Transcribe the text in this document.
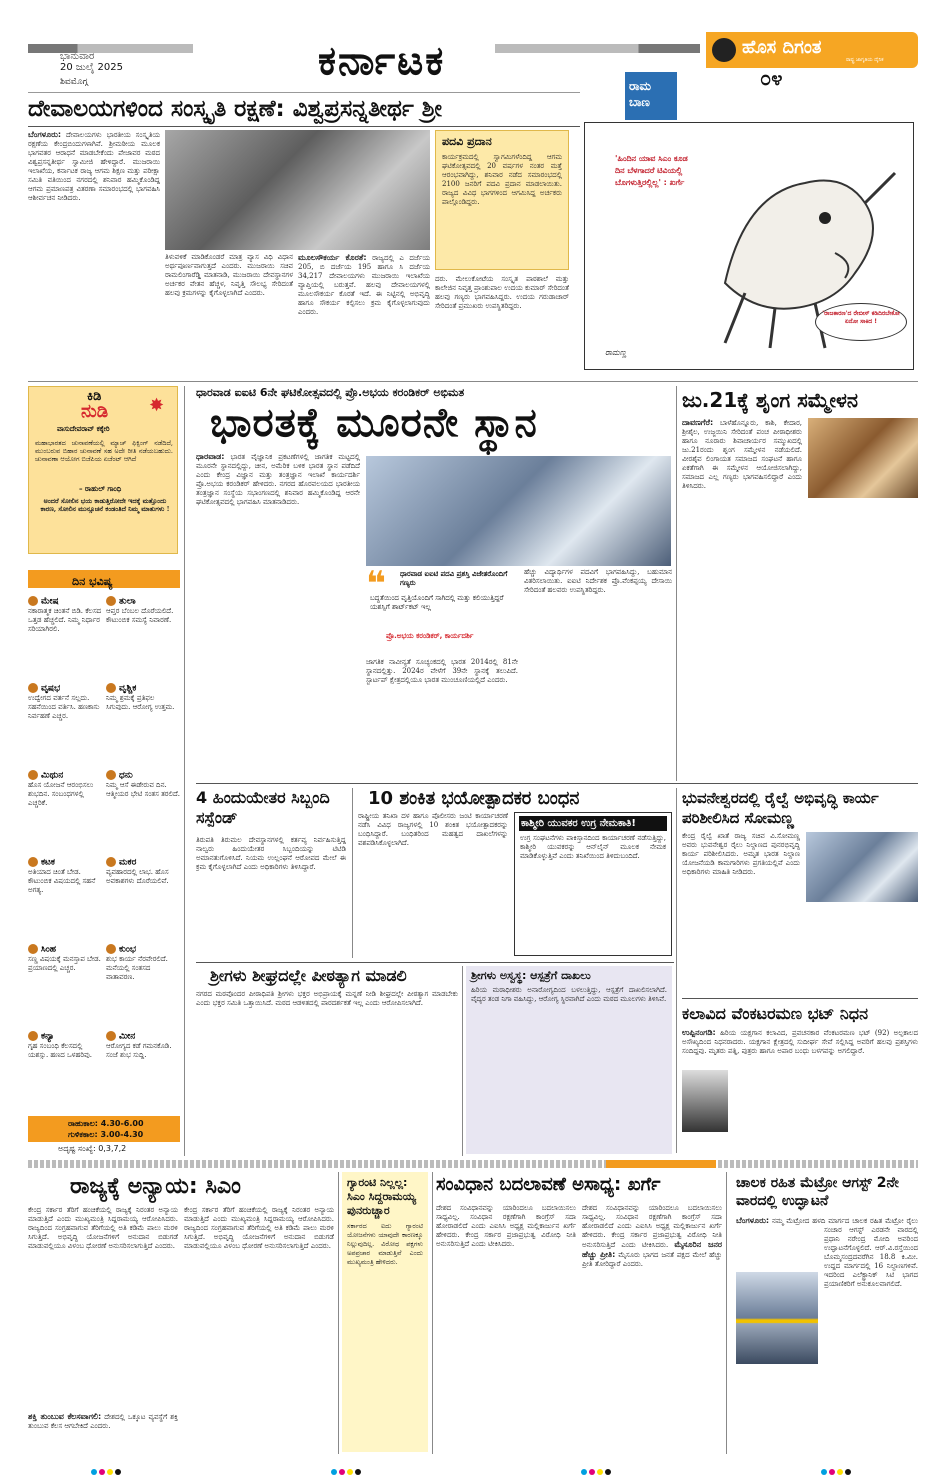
ಭಾನುವಾರ
20 ಜುಲೈ 2025
ಶಿವಮೊಗ್ಗ	ಕರ್ನಾಟಕ	ಹೊಸ ದಿಗಂತ
ರಾಷ್ಟ್ರ ಜಾಗೃತಿಯ ದೈನಿಕ
೦೪
ದೇವಾಲಯಗಳಿಂದ ಸಂಸ್ಕೃತಿ ರಕ್ಷಣೆ: ವಿಶ್ವಪ್ರಸನ್ನತೀರ್ಥ ಶ್ರೀ
ಬೆಂಗಳೂರು: ದೇವಾಲಯಗಳು ಭಾರತೀಯ ಸಂಸ್ಕೃತಿಯ ರಕ್ಷಣೆಯ ಕೇಂದ್ರಬಿಂದುಗಳಾಗಿವೆ. ಶ್ರೀಮಠೀಯ ಮೂಲಕ ಭಾಗವತರ ಆರಾಧನೆ ಮಾಡಬೇಕೆಂದು ಪೇಜಾವರ ಮಠದ ವಿಶ್ವಪ್ರಸನ್ನತೀರ್ಥ ಸ್ವಾಮೀಜಿ ಹೇಳಿದ್ದಾರೆ. ಮುಜರಾಯಿ ಇಲಾಖೆಯ, ಕರ್ನಾಟಕ ರಾಜ್ಯ ಆಗಮ ಶಿಕ್ಷಣ ಮತ್ತು ಪರೀಕ್ಷಾ ಸಮಿತಿ ವತಿಯಿಂದ ನಗರದಲ್ಲಿ ಶನಿವಾರ ಹಮ್ಮಿಕೊಂಡಿದ್ದ ಆಗಮ ಪ್ರಮಾಣಪತ್ರ ವಿತರಣಾ ಸಮಾರಂಭದಲ್ಲಿ ಭಾಗವಹಿಸಿ ಆಶೀರ್ವಚನ ನೀಡಿದರು.
ತಿಳುವಳಿಕೆ ಮಾಡಿಕೊಂಡರೆ ಮಾತ್ರ ವ್ಯಾಸ ವಿಧಿ ವಿಧಾನ ಅರ್ಥಪೂರ್ಣವಾಗುತ್ತದೆ ಎಂದರು. ಮುಜರಾಯಿ ಸಚಿವ ರಾಮಲಿಂಗಾರೆಡ್ಡಿ ಮಾತನಾಡಿ, ಮುಜರಾಯಿ ದೇವಸ್ಥಾನಗಳ ಅರ್ಚಕರ ವೇತನ ಹೆಚ್ಚಳ, ನಿವೃತ್ತಿ ಸೌಲಭ್ಯ ಸೇರಿದಂತೆ ಹಲವು ಕ್ರಮಗಳನ್ನು ಕೈಗೊಳ್ಳಲಾಗಿದೆ ಎಂದರು.
ಮೂಲಸೌಕರ್ಯ ಕೊರತೆ: ರಾಜ್ಯದಲ್ಲಿ ಎ ದರ್ಜೆಯ 205, ಬಿ ದರ್ಜೆಯ 195 ಹಾಗೂ ಸಿ ದರ್ಜೆಯ 34,217 ದೇವಾಲಯಗಳು ಮುಜರಾಯಿ ಇಲಾಖೆಯ ವ್ಯಾಪ್ತಿಯಲ್ಲಿ ಬರುತ್ತವೆ. ಹಲವು ದೇವಾಲಯಗಳಲ್ಲಿ ಮೂಲಸೌಕರ್ಯ ಕೊರತೆ ಇದೆ. ಈ ನಿಟ್ಟಿನಲ್ಲಿ ಅಭಿವೃದ್ಧಿ ಹಾಗೂ ಸೌಕರ್ಯ ಕಲ್ಪಿಸಲು ಕ್ರಮ ಕೈಗೊಳ್ಳಲಾಗುವುದು ಎಂದರು.
ಪದವಿ ಪ್ರದಾನ
ಕಾರ್ಯಕ್ರಮದಲ್ಲಿ ಸ್ವಾಗಮಿಗಳೆಂದಿದ್ದ ಆಗಮ ಘಟಿಕೋತ್ಸವದಲ್ಲಿ 20 ವರ್ಷಗಳ ನಂತರ ಮತ್ತೆ ಆರಂಭವಾಗಿದ್ದು, ಶನಿವಾರ ನಡೆದ ಸಮಾರಂಭದಲ್ಲಿ 2100 ಜನರಿಗೆ ಪದವಿ ಪ್ರದಾನ ಮಾಡಲಾಯಿತು. ರಾಜ್ಯದ ವಿವಿಧ ಭಾಗಗಳಿಂದ ಆಗಮಿಸಿದ್ದ ಅರ್ಚಕರು ಪಾಲ್ಗೊಂಡಿದ್ದರು.
ದರು. ಮೇಲುಕೋಟೆಯ ಸಂಸ್ಕೃತ ಪಾಠಶಾಲೆ ಮತ್ತು ಕಾಲೇಜಿನ ನಿವೃತ್ತ ಪ್ರಾಂಶುಪಾಲ ಉದಯ ಕುಮಾರ್ ಸೇರಿದಂತೆ ಹಲವು ಗಣ್ಯರು ಭಾಗವಹಿಸಿದ್ದರು. ಉದಯ ಗರುಡಾಚಾರ್ ಸೇರಿದಂತೆ ಪ್ರಮುಖರು ಉಪಸ್ಥಿತರಿದ್ದರು.
ರಾಮ ಬಾಣ
'ಹಿಂದಿನ ಯಾವ ಸಿಎಂ ಕೂಡ ದಿನ ಬೆಳಗಾದರೆ ಟಿವಿಯಲ್ಲಿ ಬೊಗಳುತ್ತಿರಲ್ಲಿಲ್ಲ' : ಖರ್ಗೆ
'ರಾಜಕಾರಣ'ದ ರೇಬೀಸ್ ಕಡಿದಿರಬೇಕೋ ಏನೋ ಸಾಕಿದ !
ರಾಮಣ್ಣ
ಕಿಡಿ
ನುಡಿ ✸
ವಾಸುದೇವರಾವ್ ಕಕ್ಕೇರಿ
ಮಹಾಭಾರತದ ಚುನಾವಣೆಯಲ್ಲಿ ಮ್ಯಾಚ್ ಫಿಕ್ಸಿಂಗ್ ನಡೆದಿದೆ, ಮುಂಬರುವ ಬಿಹಾರ ಚುನಾವಣೆ ಸಹ ಅದೇ ರೀತಿ ನಡೆಯಬಹುದು. ಚುನಾವಣಾ ಆಯೋಗ ಬಿಜೆಪಿಯ ಏಜೆಂಟ್ ಆಗಿದೆ
– ರಾಹುಲ್ ಗಾಂಧಿ
ಅಂದರೆ ಸೋಲಿನ ಭಯ ಕಾಡುತ್ತಿರೋದೇ ಇದಕ್ಕೆ ಮತ್ತೊಂದು ಕಾರಣ, ಸೋಲಿನ ಮುನ್ಸೂಚನೆ ಕಂಡಂತಿದೆ ನಿಮ್ಮ ಮಾತುಗಳು !
ದಿನ ಭವಿಷ್ಯ
ಮೇಷ
ನಕಾರಾತ್ಮಕ ಚಿಂತನೆ ಬಿಡಿ. ಕೆಲಸದ ಒತ್ತಡ ಹೆಚ್ಚಲಿದೆ. ನಿಮ್ಮ ನಿರ್ಧಾರ ಸರಿಯಾಗಿರಲಿ.
ತುಲಾ
ಆಪ್ತರ ಬೆಂಬಲ ದೊರೆಯಲಿದೆ. ಕೌಟುಂಬಿಕ ಸಮಸ್ಯೆ ನಿವಾರಣೆ.
ವೃಷಭ
ಉದ್ವೇಗದ ವರ್ತನೆ ಸಲ್ಲದು. ಸಹನೆಯಿಂದ ವರ್ತಿಸಿ. ಹಣಕಾಸು ನಿರ್ವಹಣೆ ಎಚ್ಚರ.
ವೃಶ್ಚಿಕ
ನಿಮ್ಮ ಶ್ರಮಕ್ಕೆ ಪ್ರತಿಫಲ ಸಿಗುವುದು. ಆರೋಗ್ಯ ಉತ್ತಮ.
ಮಿಥುನ
ಹೊಸ ಯೋಜನೆ ಆರಂಭಿಸಲು ಶುಭದಿನ. ಸಂಬಂಧಗಳಲ್ಲಿ ಎಚ್ಚರಿಕೆ.
ಧನು
ನಿಮ್ಮ ಆಸೆ ಈಡೇರುವ ದಿನ. ಆತ್ಮೀಯರ ಭೇಟಿ ಸಂತಸ ತರಲಿದೆ.
ಕಟಕ
ಅತಿಯಾದ ಚಿಂತೆ ಬೇಡ. ಕೌಟುಂಬಿಕ ವಿಷಯದಲ್ಲಿ ಸಹನೆ ಅಗತ್ಯ.
ಮಕರ
ವ್ಯವಹಾರದಲ್ಲಿ ಲಾಭ. ಹೊಸ ಅವಕಾಶಗಳು ದೊರೆಯಲಿವೆ.
ಸಿಂಹ
ಸಣ್ಣ ವಿಷಯಕ್ಕೆ ಮನಸ್ತಾಪ ಬೇಡ. ಪ್ರಯಾಣದಲ್ಲಿ ಎಚ್ಚರ.
ಕುಂಭ
ಶುಭ ಕಾರ್ಯ ನೆರವೇರಲಿದೆ. ಮನೆಯಲ್ಲಿ ಸಂತಸದ ವಾತಾವರಣ.
ಕನ್ಯಾ
ಗೃಹ ಸಂಬಂಧಿ ಕೆಲಸದಲ್ಲಿ ಯಶಸ್ಸು. ಹಣದ ಒಳಹರಿವು.
ಮೀನ
ಆರೋಗ್ಯದ ಕಡೆ ಗಮನಕೊಡಿ. ಸಂಜೆ ಶುಭ ಸುದ್ದಿ.
ರಾಹುಕಾಲ: 4.30-6.00
ಗುಳಿಕಕಾಲ: 3.00-4.30
ಅದೃಷ್ಟ ಸಂಖ್ಯೆ: 0,3,7,2
ಧಾರವಾಡ ಐಐಟಿ 6ನೇ ಘಟಿಕೋತ್ಸವದಲ್ಲಿ ಪ್ರೊ.ಅಭಯ ಕರಂಡಿಕರ್ ಅಭಿಮತ
ಭಾರತಕ್ಕೆ ಮೂರನೇ ಸ್ಥಾನ
ಧಾರವಾಡ: ಭಾರತ ವೈಜ್ಞಾನಿಕ ಪ್ರಕಟಣೆಗಳಲ್ಲಿ ಜಾಗತಿಕ ಮಟ್ಟದಲ್ಲಿ ಮೂರನೇ ಸ್ಥಾನದಲ್ಲಿದ್ದು, ಚೀನ, ಅಮೆರಿಕ ಬಳಿಕ ಭಾರತ ಸ್ಥಾನ ಪಡೆದಿದೆ ಎಂದು ಕೇಂದ್ರ ವಿಜ್ಞಾನ ಮತ್ತು ತಂತ್ರಜ್ಞಾನ ಇಲಾಖೆ ಕಾರ್ಯದರ್ಶಿ ಪ್ರೊ.ಅಭಯ ಕರಂಡಿಕರ್ ಹೇಳಿದರು. ನಗರದ ಹೊರವಲಯದ ಭಾರತೀಯ ತಂತ್ರಜ್ಞಾನ ಸಂಸ್ಥೆಯ ಸಭಾಂಗಣದಲ್ಲಿ ಶನಿವಾರ ಹಮ್ಮಿಕೊಂಡಿದ್ದ ಆರನೇ ಘಟಿಕೋತ್ಸವದಲ್ಲಿ ಭಾಗವಹಿಸಿ ಮಾತನಾಡಿದರು.
❝ ಧಾರವಾಡ ಐಐಟಿ ಪದವಿ ಪ್ರಶಸ್ತಿ ವಿಜೇತರೊಂದಿಗೆ ಗಣ್ಯರು
ಬದ್ಧತೆಯಿಂದ ವೃತ್ತಿಯೊಂದಿಗೆ ಸಾಗಿದಲ್ಲಿ ಮತ್ತು ಕಲಿಯುತ್ತಿದ್ದರೆ ಯಶಸ್ಸಿಗೆ ಶಾರ್ಟ್‌ಕಟ್ ಇಲ್ಲ
ಪ್ರೊ.ಅಭಯ ಕರಂಡಿಕರ್, ಕಾರ್ಯದರ್ಶಿ
ಜಾಗತಿಕ ನಾವೀನ್ಯತೆ ಸೂಚ್ಯಂಕದಲ್ಲಿ ಭಾರತ 2014ರಲ್ಲಿ 81ನೇ ಸ್ಥಾನದಲ್ಲಿತ್ತು. 2024ರ ವೇಳೆಗೆ 39ನೇ ಸ್ಥಾನಕ್ಕೆ ತಲುಪಿದೆ. ಸ್ಟಾರ್ಟಪ್ ಕ್ಷೇತ್ರದಲ್ಲಿಯೂ ಭಾರತ ಮುಂಚೂಣಿಯಲ್ಲಿದೆ ಎಂದರು.
ಹೆಚ್ಚು ವಿದ್ಯಾರ್ಥಿಗಳ ಪದವಿಗೆ ಭಾಗವಹಿಸಿದ್ದು, ಬಹುಮಾನ ವಿತರಿಸಲಾಯಿತು. ಐಐಟಿ ನಿರ್ದೇಶಕ ಪ್ರೊ.ವೆಂಕಪ್ಪಯ್ಯ ದೇಸಾಯಿ ಸೇರಿದಂತೆ ಹಲವರು ಉಪಸ್ಥಿತರಿದ್ದರು.
ಜು.21ಕ್ಕೆ ಶೃಂಗ ಸಮ್ಮೇಳನ
ದಾವಣಗೆರೆ: ಬಾಳೆಹೊನ್ನೂರು, ಕಾಶಿ, ಕೇದಾರ, ಶ್ರೀಶೈಲ, ಉಜ್ಜಯಿನಿ ಸೇರಿದಂತೆ ಪಂಚ ಪೀಠಾಧೀಶರು ಹಾಗೂ ನೂರಾರು ಶಿವಾಚಾರ್ಯರ ಸಮ್ಮುಖದಲ್ಲಿ ಜು.21ರಂದು ಶೃಂಗ ಸಮ್ಮೇಳನ ನಡೆಯಲಿದೆ. ವೀರಶೈವ ಲಿಂಗಾಯತ ಸಮಾಜದ ಸಂಘಟನೆ ಹಾಗೂ ಏಕತೆಗಾಗಿ ಈ ಸಮ್ಮೇಳನ ಆಯೋಜಿಸಲಾಗಿದ್ದು, ಸಮಾಜದ ಎಲ್ಲ ಗಣ್ಯರು ಭಾಗವಹಿಸಲಿದ್ದಾರೆ ಎಂದು ತಿಳಿಸಿದರು.
4 ಹಿಂದುಯೇತರ ಸಿಬ್ಬಂದಿ ಸಸ್ಪೆಂಡ್
ತಿರುಪತಿ ತಿರುಮಲ ದೇವಸ್ಥಾನಗಳಲ್ಲಿ ಕರ್ತವ್ಯ ನಿರ್ವಹಿಸುತ್ತಿದ್ದ ನಾಲ್ವರು ಹಿಂದುಯೇತರ ಸಿಬ್ಬಂದಿಯನ್ನು ಟಿಟಿಡಿ ಅಮಾನತುಗೊಳಿಸಿದೆ. ನಿಯಮ ಉಲ್ಲಂಘನೆ ಆರೋಪದ ಮೇಲೆ ಈ ಕ್ರಮ ಕೈಗೊಳ್ಳಲಾಗಿದೆ ಎಂದು ಅಧಿಕಾರಿಗಳು ತಿಳಿಸಿದ್ದಾರೆ.
10 ಶಂಕಿತ ಭಯೋತ್ಪಾದಕರ ಬಂಧನ
ರಾಷ್ಟ್ರೀಯ ತನಿಖಾ ದಳ ಹಾಗೂ ಪೊಲೀಸರು ಜಂಟಿ ಕಾರ್ಯಾಚರಣೆ ನಡೆಸಿ ವಿವಿಧ ರಾಜ್ಯಗಳಲ್ಲಿ 10 ಶಂಕಿತ ಭಯೋತ್ಪಾದಕರನ್ನು ಬಂಧಿಸಿದ್ದಾರೆ. ಬಂಧಿತರಿಂದ ಮಹತ್ವದ ದಾಖಲೆಗಳನ್ನು ವಶಪಡಿಸಿಕೊಳ್ಳಲಾಗಿದೆ.
ಕಾಶ್ಮೀರಿ ಯುವಕರ ಉಗ್ರ ನೇಮಕಾತಿ!
ಉಗ್ರ ಸಂಘಟನೆಗಳು ಪಾಕಿಸ್ತಾನದಿಂದ ಕಾರ್ಯಾಚರಣೆ ನಡೆಸುತ್ತಿದ್ದು, ಕಾಶ್ಮೀರಿ ಯುವಕರನ್ನು ಆನ್‌ಲೈನ್ ಮೂಲಕ ನೇಮಕ ಮಾಡಿಕೊಳ್ಳುತ್ತಿವೆ ಎಂದು ತನಿಖೆಯಿಂದ ತಿಳಿದುಬಂದಿದೆ.
ಭುವನೇಶ್ವರದಲ್ಲಿ ರೈಲ್ವೆ ಅಭಿವೃದ್ಧಿ ಕಾರ್ಯ ಪರಿಶೀಲಿಸಿದ ಸೋಮಣ್ಣ
ಕೇಂದ್ರ ರೈಲ್ವೆ ಖಾತೆ ರಾಜ್ಯ ಸಚಿವ ವಿ.ಸೋಮಣ್ಣ ಅವರು ಭುವನೇಶ್ವರ ರೈಲು ನಿಲ್ದಾಣದ ಪುನರಭಿವೃದ್ಧಿ ಕಾರ್ಯ ಪರಿಶೀಲಿಸಿದರು. ಅಮೃತ ಭಾರತ ನಿಲ್ದಾಣ ಯೋಜನೆಯಡಿ ಕಾಮಗಾರಿಗಳು ಪ್ರಗತಿಯಲ್ಲಿವೆ ಎಂದು ಅಧಿಕಾರಿಗಳು ಮಾಹಿತಿ ನೀಡಿದರು.
ಶ್ರೀಗಳು ಶೀಘ್ರದಲ್ಲೇ ಪೀಠತ್ಯಾಗ ಮಾಡಲಿ
ನಗರದ ಮಠವೊಂದರ ಪೀಠಾಧಿಪತಿ ಶ್ರೀಗಳು ಭಕ್ತರ ಅಭಿಪ್ರಾಯಕ್ಕೆ ಮನ್ನಣೆ ನೀಡಿ ಶೀಘ್ರದಲ್ಲೇ ಪೀಠತ್ಯಾಗ ಮಾಡಬೇಕು ಎಂದು ಭಕ್ತರ ಸಮಿತಿ ಒತ್ತಾಯಿಸಿದೆ. ಮಠದ ಆಡಳಿತದಲ್ಲಿ ಪಾರದರ್ಶಕತೆ ಇಲ್ಲ ಎಂದು ಆರೋಪಿಸಲಾಗಿದೆ.
ಶ್ರೀಗಳು ಅಸ್ವಸ್ಥ: ಆಸ್ಪತ್ರೆಗೆ ದಾಖಲು
ಹಿರಿಯ ಮಠಾಧೀಶರು ಅನಾರೋಗ್ಯದಿಂದ ಬಳಲುತ್ತಿದ್ದು, ಆಸ್ಪತ್ರೆಗೆ ದಾಖಲಿಸಲಾಗಿದೆ. ವೈದ್ಯರ ತಂಡ ನಿಗಾ ವಹಿಸಿದ್ದು, ಆರೋಗ್ಯ ಸ್ಥಿರವಾಗಿದೆ ಎಂದು ಮಠದ ಮೂಲಗಳು ತಿಳಿಸಿವೆ.
ಕಲಾವಿದ ವೆಂಕಟರಮಣ ಭಟ್ ನಿಧನ
ಉಪ್ಪಿನಂಗಡಿ: ಹಿರಿಯ ಯಕ್ಷಗಾನ ಕಲಾವಿದ, ಪ್ರವಚನಕಾರ ವೆಂಕಟರಮಣ ಭಟ್ (92) ಅಲ್ಪಕಾಲದ ಅಸೌಖ್ಯದಿಂದ ನಿಧನರಾದರು. ಯಕ್ಷಗಾನ ಕ್ಷೇತ್ರದಲ್ಲಿ ಸುದೀರ್ಘ ಸೇವೆ ಸಲ್ಲಿಸಿದ್ದ ಅವರಿಗೆ ಹಲವು ಪ್ರಶಸ್ತಿಗಳು ಸಂದಿದ್ದವು. ಮೃತರು ಪತ್ನಿ, ಪುತ್ರರು ಹಾಗೂ ಅಪಾರ ಬಂಧು ಬಳಗವನ್ನು ಅಗಲಿದ್ದಾರೆ.
ರಾಜ್ಯಕ್ಕೆ ಅನ್ಯಾಯ: ಸಿಎಂ
ಕೇಂದ್ರ ಸರ್ಕಾರ ತೆರಿಗೆ ಹಂಚಿಕೆಯಲ್ಲಿ ರಾಜ್ಯಕ್ಕೆ ನಿರಂತರ ಅನ್ಯಾಯ ಮಾಡುತ್ತಿದೆ ಎಂದು ಮುಖ್ಯಮಂತ್ರಿ ಸಿದ್ದರಾಮಯ್ಯ ಆರೋಪಿಸಿದರು. ರಾಜ್ಯದಿಂದ ಸಂಗ್ರಹವಾಗುವ ತೆರಿಗೆಯಲ್ಲಿ ಅತಿ ಕಡಿಮೆ ಪಾಲು ಮರಳಿ ಸಿಗುತ್ತಿದೆ. ಅಭಿವೃದ್ಧಿ ಯೋಜನೆಗಳಿಗೆ ಅನುದಾನ ಬಿಡುಗಡೆ ಮಾಡುವಲ್ಲಿಯೂ ವಿಳಂಬ ಧೋರಣೆ ಅನುಸರಿಸಲಾಗುತ್ತಿದೆ ಎಂದರು.
ಶಕ್ತಿ ತುಂಬುವ ಕೆಲಸವಾಗಲಿ: ದೇಶದಲ್ಲಿ ಒಕ್ಕೂಟ ವ್ಯವಸ್ಥೆಗೆ ಶಕ್ತಿ ತುಂಬುವ ಕೆಲಸ ಆಗಬೇಕಿದೆ ಎಂದರು.
ಕೇಂದ್ರ ಸರ್ಕಾರ ತೆರಿಗೆ ಹಂಚಿಕೆಯಲ್ಲಿ ರಾಜ್ಯಕ್ಕೆ ನಿರಂತರ ಅನ್ಯಾಯ ಮಾಡುತ್ತಿದೆ ಎಂದು ಮುಖ್ಯಮಂತ್ರಿ ಸಿದ್ದರಾಮಯ್ಯ ಆರೋಪಿಸಿದರು. ರಾಜ್ಯದಿಂದ ಸಂಗ್ರಹವಾಗುವ ತೆರಿಗೆಯಲ್ಲಿ ಅತಿ ಕಡಿಮೆ ಪಾಲು ಮರಳಿ ಸಿಗುತ್ತಿದೆ. ಅಭಿವೃದ್ಧಿ ಯೋಜನೆಗಳಿಗೆ ಅನುದಾನ ಬಿಡುಗಡೆ ಮಾಡುವಲ್ಲಿಯೂ ವಿಳಂಬ ಧೋರಣೆ ಅನುಸರಿಸಲಾಗುತ್ತಿದೆ ಎಂದರು.
ಗ್ಯಾರಂಟಿ ನಿಲ್ಲಲ್ಲ: ಸಿಎಂ ಸಿದ್ದರಾಮಯ್ಯ ಪುನರುಚ್ಚಾರ
ಸರ್ಕಾರದ ಐದು ಗ್ಯಾರಂಟಿ ಯೋಜನೆಗಳು ಯಾವುದೇ ಕಾರಣಕ್ಕೂ ನಿಲ್ಲುವುದಿಲ್ಲ. ವಿರೋಧ ಪಕ್ಷಗಳು ಅಪಪ್ರಚಾರ ಮಾಡುತ್ತಿವೆ ಎಂದು ಮುಖ್ಯಮಂತ್ರಿ ಹೇಳಿದರು.
ಸಂವಿಧಾನ ಬದಲಾವಣೆ ಅಸಾಧ್ಯ: ಖರ್ಗೆ
ದೇಶದ ಸಂವಿಧಾನವನ್ನು ಯಾರಿಂದಲೂ ಬದಲಾಯಿಸಲು ಸಾಧ್ಯವಿಲ್ಲ. ಸಂವಿಧಾನ ರಕ್ಷಣೆಗಾಗಿ ಕಾಂಗ್ರೆಸ್ ಸದಾ ಹೋರಾಡಲಿದೆ ಎಂದು ಎಐಸಿಸಿ ಅಧ್ಯಕ್ಷ ಮಲ್ಲಿಕಾರ್ಜುನ ಖರ್ಗೆ ಹೇಳಿದರು. ಕೇಂದ್ರ ಸರ್ಕಾರ ಪ್ರಜಾಪ್ರಭುತ್ವ ವಿರೋಧಿ ನೀತಿ ಅನುಸರಿಸುತ್ತಿದೆ ಎಂದು ಟೀಕಿಸಿದರು.
ದೇಶದ ಸಂವಿಧಾನವನ್ನು ಯಾರಿಂದಲೂ ಬದಲಾಯಿಸಲು ಸಾಧ್ಯವಿಲ್ಲ. ಸಂವಿಧಾನ ರಕ್ಷಣೆಗಾಗಿ ಕಾಂಗ್ರೆಸ್ ಸದಾ ಹೋರಾಡಲಿದೆ ಎಂದು ಎಐಸಿಸಿ ಅಧ್ಯಕ್ಷ ಮಲ್ಲಿಕಾರ್ಜುನ ಖರ್ಗೆ ಹೇಳಿದರು. ಕೇಂದ್ರ ಸರ್ಕಾರ ಪ್ರಜಾಪ್ರಭುತ್ವ ವಿರೋಧಿ ನೀತಿ ಅನುಸರಿಸುತ್ತಿದೆ ಎಂದು ಟೀಕಿಸಿದರು. ಮೈಸೂರಿನ ಜನರ ಹೆಚ್ಚು ಪ್ರೀತಿ: ಮೈಸೂರು ಭಾಗದ ಜನತೆ ಪಕ್ಷದ ಮೇಲೆ ಹೆಚ್ಚು ಪ್ರೀತಿ ತೋರಿದ್ದಾರೆ ಎಂದರು.
ಚಾಲಕ ರಹಿತ ಮೆಟ್ರೋ ಆಗಸ್ಟ್ 2ನೇ ವಾರದಲ್ಲಿ ಉದ್ಘಾಟನೆ
ಬೆಂಗಳೂರು: ನಮ್ಮ ಮೆಟ್ರೋದ ಹಳದಿ ಮಾರ್ಗದ ಚಾಲಕ ರಹಿತ ಮೆಟ್ರೋ ರೈಲು ಸಂಚಾರ ಆಗಸ್ಟ್ ಎರಡನೇ ವಾರದಲ್ಲಿ ಪ್ರಧಾನಿ ನರೇಂದ್ರ ಮೋದಿ ಅವರಿಂದ ಉದ್ಘಾಟನೆಗೊಳ್ಳಲಿದೆ. ಆರ್.ವಿ.ರಸ್ತೆಯಿಂದ ಬೊಮ್ಮಸಂದ್ರದವರೆಗಿನ 18.8 ಕಿ.ಮೀ. ಉದ್ದದ ಮಾರ್ಗದಲ್ಲಿ 16 ನಿಲ್ದಾಣಗಳಿವೆ. ಇದರಿಂದ ಎಲೆಕ್ಟ್ರಾನಿಕ್ ಸಿಟಿ ಭಾಗದ ಪ್ರಯಾಣಿಕರಿಗೆ ಅನುಕೂಲವಾಗಲಿದೆ.
